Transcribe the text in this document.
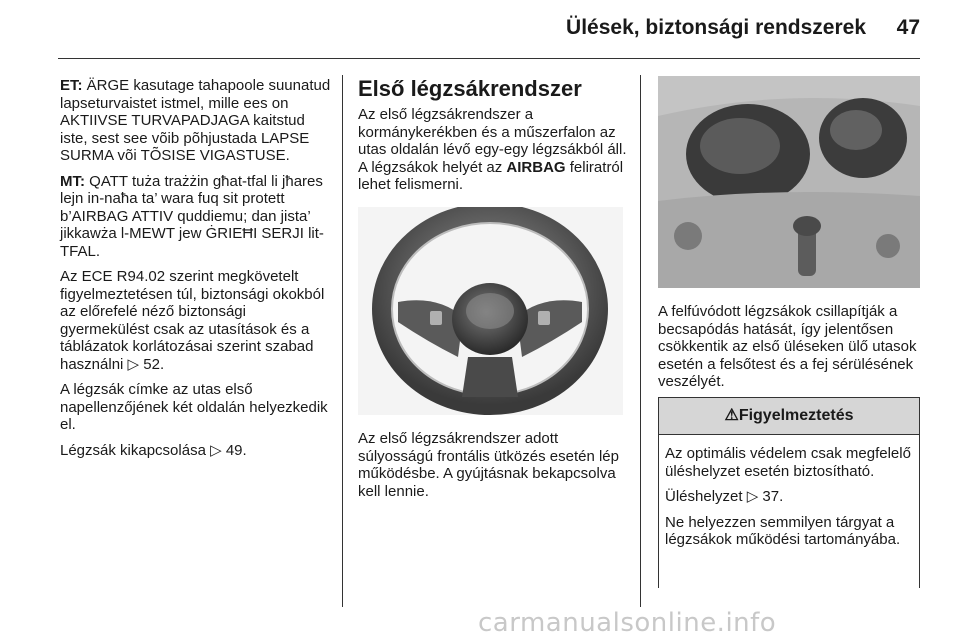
Ülések, biztonsági rendszerek 47

ET: ÄRGE kasutage tahapoole suunatud lapseturvaistet istmel, mille ees on AKTIIVSE TURVAPADJAGA kaitstud iste, sest see võib põhjustada LAPSE SURMA või TÕSISE VIGASTUSE.

MT: QATT tuża trażżin għat-tfal li jħares lejn in-naħa ta’ wara fuq sit protett b’AIRBAG ATTIV quddiemu; dan jista’ jikkawża l-MEWT jew ĠRIEĦI SERJI lit-TFAL.

Az ECE R94.02 szerint megkövetelt figyelmeztetésen túl, biztonsági okokból az előrefelé néző biztonsági gyermekülést csak az utasítások és a táblázatok korlátozásai szerint szabad használni ▷ 52.

A légzsák címke az utas első napellenzőjének két oldalán helyezkedik el.

Légzsák kikapcsolása ▷ 49.

Első légzsákrendszer

Az első légzsákrendszer a kormánykerékben és a műszerfalon az utas oldalán lévő egy-egy légzsákból áll. A légzsákok helyét az AIRBAG feliratról lehet felismerni.

Az első légzsákrendszer adott súlyosságú frontális ütközés esetén lép működésbe. A gyújtásnak bekapcsolva kell lennie.

A felfúvódott légzsákok csillapítják a becsapódás hatását, így jelentősen csökkentik az első üléseken ülő utasok esetén a felsőtest és a fej sérülésének veszélyét.

⚠Figyelmeztetés

Az optimális védelem csak megfelelő üléshelyzet esetén biztosítható.

Üléshelyzet ▷ 37.

Ne helyezzen semmilyen tárgyat a légzsákok működési tartományába.

carmanualsonline.info
